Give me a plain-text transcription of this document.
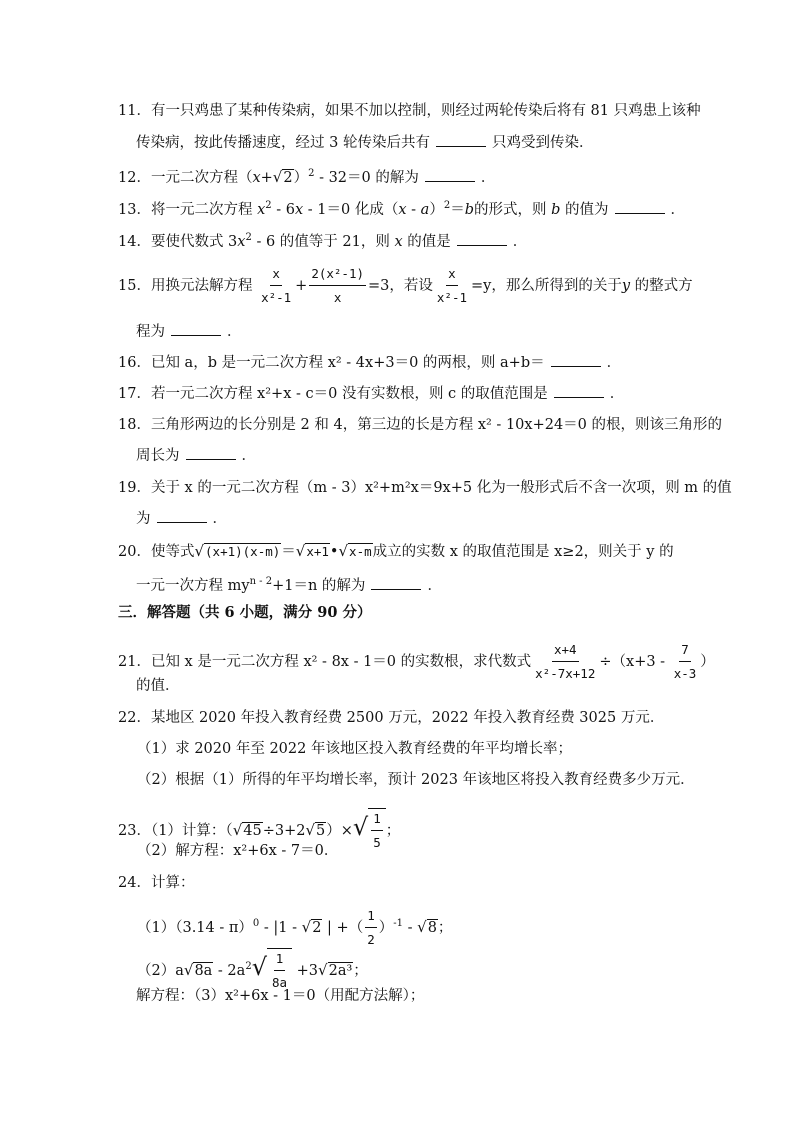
11．有一只鸡患了某种传染病，如果不加以控制，则经过两轮传染后将有 81 只鸡患上该种
传染病，按此传播速度，经过 3 轮传染后共有	只鸡受到传染．
12．一元二次方程$(x+√2)^2 - 32=0$ 的解为	．
13．将一元二次方程 $x^2 - 6x - 1=0$ 化成（x - a）$^2$＝b的形式，则 b 的值为	．
14．要使代数式 $3x^2 - 6$ 的值等于 21，则 x 的值是	．
15．用换元法解方程 $\frac{x}{\text{x²-1}} + \frac{\text{2(x²-1)}}{x} =3$，若设 $\frac{x}{\text{x²-1}} =y$，那么所得到的关于y 的整式方
程为	．
16．已知 a，b 是一元二次方程 x² - 4x+3＝0 的两根，则 a+b＝	．
17．若一元二次方程 x²+x - c＝0 没有实数根，则 c 的取值范围是	．
18．三角形两边的长分别是 2 和 4，第三边的长是方程 x² - 10x+24＝0 的根，则该三角形的
周长为	．
19．关于 x 的一元二次方程（m - 3）x²+m²x＝9x+5 化为一般形式后不含一次项，则 m 的值
为	．
20．使等式√(x+1)(x-m)＝√x+1•√x-m成立的实数 x 的取值范围是 x≥2，则关于 y 的
一元一次方程 $my^{n - 2}+1=n$ 的解为	．
三．解答题（共 6 小题，满分 90 分）
21．已知 x 是一元二次方程 x² - 8x - 1＝0 的实数根，求代数式 $\frac{x+4}{\text{x²-7x+12}} \div(x+3 - \frac{7}{x-3}$ ）
的值．
22．某地区 2020 年投入教育经费 2500 万元，2022 年投入教育经费 3025 万元．
（1）求 2020 年至 2022 年该地区投入教育经费的年平均增长率；
（2）根据（1）所得的年平均增长率，预计 2023 年该地区将投入教育经费多少万元．
23．（1）计算：$(√45\div 3+2√5)\times√ \frac{1}{5}$ ；
（2）解方程：x²+6x - 7＝0．
24．计算：
（1）（3.14 - π）$^0$ - |1 - √2 | +（ $\frac{1}{2} )^{-1} - √8$；
$(2)a√8a - 2a^2√ \frac{1}{8a} +3√2a^3$；
解方程：（3）x²+6x - 1＝0（用配方法解）；
